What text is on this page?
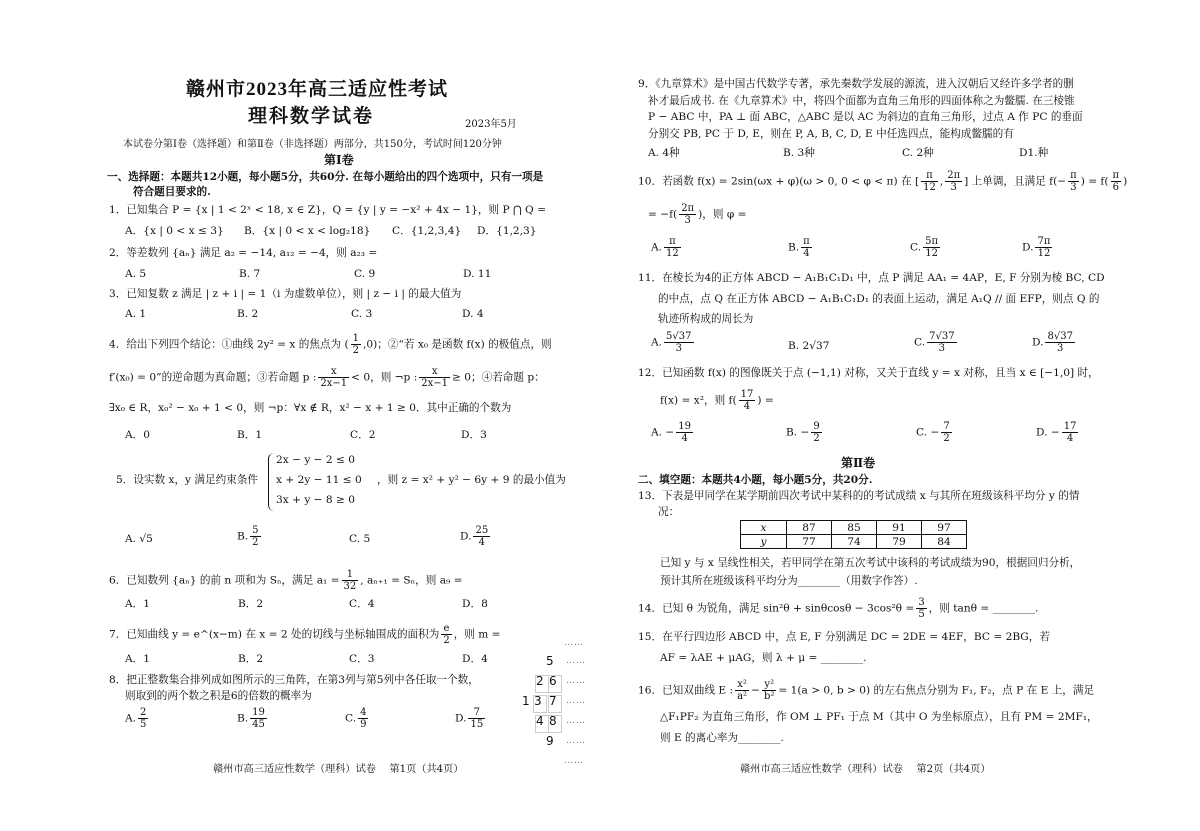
赣州市2023年高三适应性考试
理科数学试卷	2023年5月
本试卷分第Ⅰ卷（选择题）和第Ⅱ卷（非选择题）两部分，共150分，考试时间120分钟
第Ⅰ卷
一、选择题：本题共12小题，每小题5分，共60分. 在每小题给出的四个选项中，只有一项是
符合题目要求的.
1．已知集合 P = {x | 1 < 2ˣ < 18, x ∈ Z}，Q = {y | y = −x² + 4x − 1}，则 P ⋂ Q =
A．{x | 0 < x ≤ 3} B．{x | 0 < x < log₂18} C．{1,2,3,4} D．{1,2,3}
2．等差数列 {aₙ} 满足 a₂ = −14, a₁₂ = −4，则 a₂₃ =
A. 5	B. 7	C. 9	D. 11
3．已知复数 z 满足 | z + i | = 1（i 为虚数单位），则 | z − i | 的最大值为
A. 1	B. 2	C. 3	D. 4
4．给出下列四个结论：①曲线 2y² = x 的焦点为 ( $\frac{1}{2} ,0$)；②“若 x₀ 是函数 f(x) 的极值点，则
f′(x₀) = 0”的逆命题为真命题；③若命题 p : $\frac{x}{2x-1} < 0$，则 ¬p : $\frac{x}{2x-1} \ge 0$；④若命题 p：
∃x₀ ∈ R，x₀² − x₀ + 1 < 0，则 ¬p：∀x ∉ R，x² − x + 1 ≥ 0．其中正确的个数为
A．0	B．1	C．2	D．3
5．设实数 x，y 满足约束条件
2x − y − 2 ≤ 0
x + 2y − 11 ≤ 0
3x + y − 8 ≥ 0
，则 z = x² + y² − 6y + 9 的最小值为
A. √5	B. $\frac{5}{2}$	C. 5	D. $\frac{25}{4}$
6．已知数列 {aₙ} 的前 n 项和为 Sₙ，满足 $a_1 = \frac{1}{32}$ , aₙ₊₁ = Sₙ，则 a₉ =
A．1	B．2	C．4	D．8
7．已知曲线 y = e^(x−m) 在 x = 2 处的切线与坐标轴围成的面积为 $\frac{e}{2}$ ，则 m =
A．1	B．2	C．3	D．4
8．把正整数集合排列成如图所示的三角阵，在第3列与第5列中各任取一个数，
则取到的两个数之积是6的倍数的概率为
A. $\frac{2}{5}$	B. $\frac{19}{45}$	C. $\frac{4}{9}$	D. $\frac{7}{15}$
5
2 6
1 3 7
4 8
9
……
……
……
……
……
……
……
赣州市高三适应性数学（理科）试卷　 第1页（共4页）
9．《九章算术》是中国古代数学专著，承先秦数学发展的源流，进入汉朝后又经许多学者的删
补才最后成书. 在《九章算术》中，将四个面都为直角三角形的四面体称之为鳖臑. 在三棱锥
P − ABC 中，PA ⊥ 面 ABC，△ABC 是以 AC 为斜边的直角三角形，过点 A 作 PC 的垂面
分别交 PB, PC 于 D, E，则在 P, A, B, C, D, E 中任选四点，能构成鳖臑的有
A. 4种	B. 3种	C. 2种	D1.种
10．若函数 f(x) = 2sin(ωx + φ)(ω > 0, 0 < φ < π) 在 [ $\frac{\pi}{12}$ , $\frac{2\pi}{3}$ ] 上单调，且满足 $f(- \frac{\pi}{3}$ ) = $f( \frac{\pi}{6}$ )
= $-f( \frac{2\pi}{3}$ )，则 φ =
A. $\frac{\pi}{12}$	B. $\frac{\pi}{4}$	C. $\frac{5\pi}{12}$	D. $\frac{7\pi}{12}$
11．在棱长为4的正方体 ABCD − A₁B₁C₁D₁ 中，点 P 满足 AA₁ = 4AP，E, F 分别为棱 BC, CD
的中点，点 Q 在正方体 ABCD − A₁B₁C₁D₁ 的表面上运动，满足 A₁Q // 面 EFP，则点 Q 的
轨迹所构成的周长为
A. $\frac{5√37}{3}$	B. 2√37	C. $\frac{7√37}{3}$	D. $\frac{8√37}{3}$
12．已知函数 f(x) 的图像既关于点 (−1,1) 对称，又关于直线 y = x 对称，且当 x ∈ [−1,0] 时，
f(x) = x²，则 $f( \frac{17}{4}$ ) =
A. − $\frac{19}{4}$	B. − $\frac{9}{2}$	C. − $\frac{7}{2}$	D. − $\frac{17}{4}$
第Ⅱ卷
二、填空题：本题共4小题，每小题5分，共20分.
13．下表是甲同学在某学期前四次考试中某科的的考试成绩 x 与其所在班级该科平均分 y 的情
况：
x	87	85	91	97
y	77	74	79	84
已知 y 与 x 呈线性相关，若甲同学在第五次考试中该科的考试成绩为90，根据回归分析，
预计其所在班级该科平均分为________（用数字作答）.
14．已知 θ 为锐角，满足 $\sin^2\theta + \sin\theta\cos\theta - 3\cos^2\theta = \frac{3}{5}$ ，则 tanθ = ________.
15．在平行四边形 ABCD 中，点 E, F 分别满足 DC = 2DE = 4EF，BC = 2BG，若
AF = λAE + μAG，则 λ + μ = ________.
16．已知双曲线 E : $\frac{\text{x²}}{\text{a²}} - \frac{\text{y²}}{\text{b²}} = 1(a > 0$, b > 0) 的左右焦点分别为 F₁, F₂，点 P 在 E 上，满足
△F₁PF₂ 为直角三角形，作 OM ⊥ PF₁ 于点 M（其中 O 为坐标原点），且有 PM = 2MF₁，
则 E 的离心率为________.
赣州市高三适应性数学（理科）试卷　 第2页（共4页）
